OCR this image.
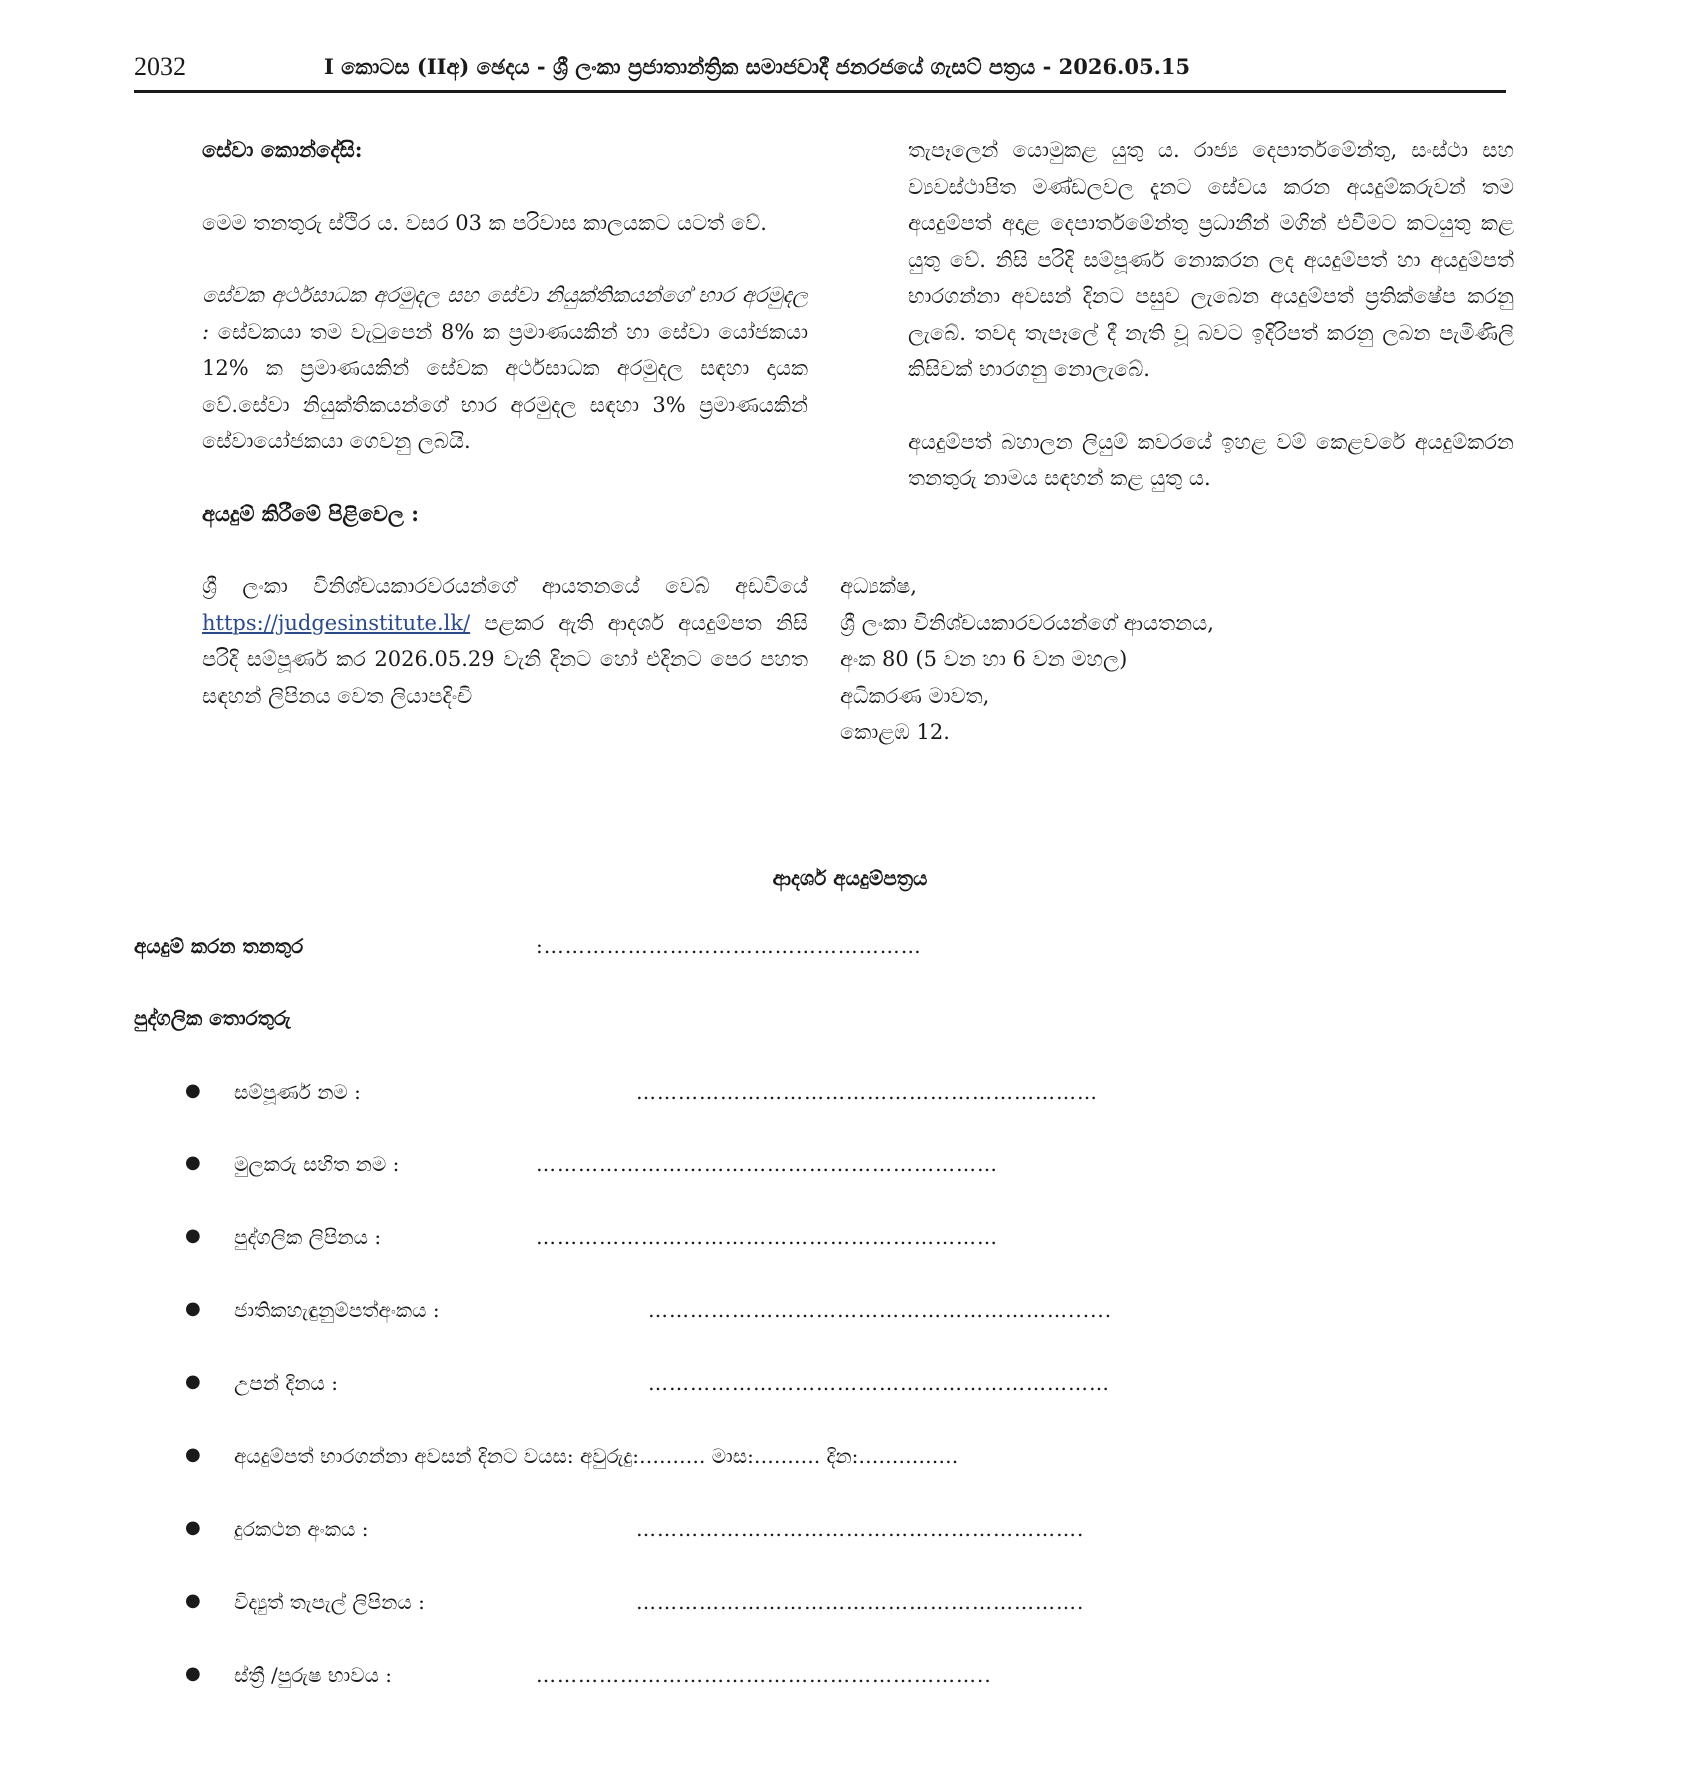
2032	I කොටස (IIඅ) ඡෙදය - ශ්‍රී ලංකා ප්‍රජාතාන්ත්‍රික සමාජවාදී ජනරජයේ ගැසට් පත්‍රය - 2026.05.15

සේවා කොන්දේසි:

මෙම තනතුරු ස්ථිර ය. වසර 03 ක පරිවාස කාලයකට යටත් වේ.

සේවක අර්ථසාධක අරමුදල සහ සේවා නියුක්තිකයන්ගේ භාර අරමුදල : සේවකයා තම වැටුපෙන් 8% ක ප්‍රමාණයකින් හා සේවා යෝජකයා 12% ක ප්‍රමාණයකින් සේවක අර්ථසාධක අරමුදල සඳහා දායක වේ.සේවා නියුක්තිකයන්ගේ භාර අරමුදල සඳහා 3% ප්‍රමාණයකින් සේවායෝජකයා ගෙවනු ලබයි.

අයදුම් කිරීමේ පිළිවෙල :

ශ්‍රී ලංකා විනිශ්චයකාරවරයන්ගේ ආයතනයේ වෙබ් අඩවියේ https://judgesinstitute.lk/ පළකර ඇති ආදර්ශ අයදුම්පත නිසි පරිදි සම්පූර්ණ කර 2026.05.29 වැනි දිනට හෝ එදිනට පෙර පහත සඳහන් ලිපිනය වෙත ලියාපදිංචි

තැපෑලෙන් යොමුකළ යුතු ය. රාජ්‍ය දෙපාර්තමේන්තු, සංස්ථා සහ ව්‍යවස්ථාපිත මණ්ඩලවල දැනට සේවය කරන අයදුම්කරුවන් තම අයදුම්පත් අදාළ දෙපාර්තමේන්තු ප්‍රධානීන් මගින් එවීමට කටයුතු කළ යුතු වේ. නිසි පරිදි සම්පූර්ණ නොකරන ලද අයදුම්පත් හා අයදුම්පත් භාරගන්නා අවසන් දිනට පසුව ලැබෙන අයදුම්පත් ප්‍රතික්ෂේප කරනු ලැබේ. තවද තැපෑලේ දී නැති වූ බවට ඉදිරිපත් කරනු ලබන පැමිණිලි කිසිවක් භාරගනු නොලැබේ.

අයදුම්පත් බහාලන ලියුම් කවරයේ ඉහළ වම් කෙළවරේ අයදුම්කරන තනතුරු නාමය සඳහන් කළ යුතු ය.

අධ්‍යක්ෂ,
ශ්‍රී ලංකා විනිශ්චයකාරවරයන්ගේ ආයතනය,
අංක 80 (5 වන හා 6 වන මහල)
අධිකරණ මාවත,
කොළඹ 12.
ආදර්ශ අයදුම්පත්‍රය
අයදුම් කරන තනතුර	:………………………………………………
පුද්ගලික තොරතුරු
● සම්පූර්ණ නම :	…………………………………………………………
● මුලකරු සහිත නම :	…………………………………………………………
● පුද්ගලික ලිපිනය :	…………………………………………………………
● ජාතිකහැඳුනුම්පත්අංකය :	……………………………………………………......
● උපන් දිනය :	…………………………………………………………
● අයදුම්පත් භාරගන්නා අවසන් දිනට වයස: අවුරුදු:………. මාස:………. දින:……………
● දුරකථන අංකය :	……………………………………………………….
● විද්‍යුත් තැපැල් ලිපිනය :	……………………………………………………….
● ස්ත්‍රී /පුරුෂ භාවය :	………………………………………………………..
